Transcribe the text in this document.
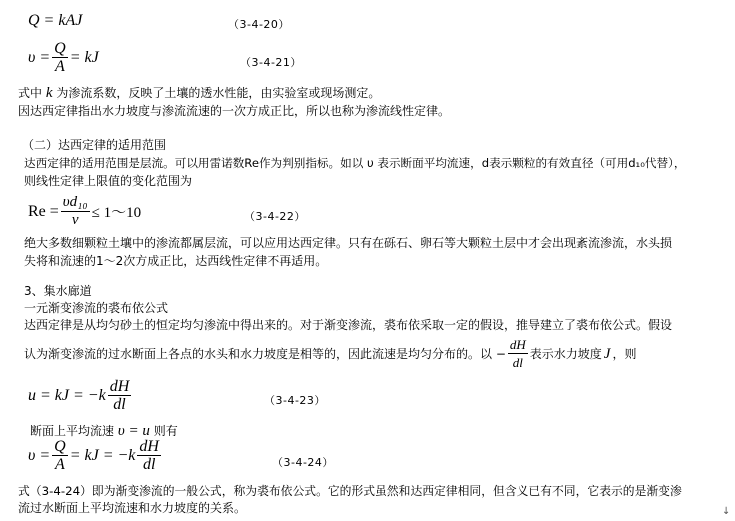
Q = kAJ	（3-4-20）
$\upsilon = \frac{Q}{A}$ = kJ	（3-4-21）
式中 k 为渗流系数，反映了土壤的透水性能，由实验室或现场测定。
因达西定律指出水力坡度与渗流流速的一次方成正比，所以也称为渗流线性定律。
（二）达西定律的适用范围
达西定律的适用范围是层流。可以用雷诺数Re作为判别指标。如以 υ 表示断面平均流速，d表示颗粒的有效直径（可用d₁₀代替），
则线性定律上限值的变化范围为
$Re = \frac{\text{υd₁₀}}{\nu}$ ≤ 1～10	（3-4-22）
绝大多数细颗粒土壤中的渗流都属层流，可以应用达西定律。只有在砾石、卵石等大颗粒土层中才会出现紊流渗流，水头损
失将和流速的1～2次方成正比，达西线性定律不再适用。
3、集水廊道
一元渐变渗流的裘布依公式
达西定律是从均匀砂土的恒定均匀渗流中得出来的。对于渐变渗流，裘布依采取一定的假设，推导建立了裘布依公式。假设
认为渐变渗流的过水断面上各点的水头和水力坡度是相等的，因此流速是均匀分布的。以 − $\frac{dH}{dl}$ 表示水力坡度 J ，则
u = kJ = $-k \frac{dH}{dl}$	（3-4-23）
断面上平均流速 υ = u 则有
$\upsilon = \frac{Q}{A}$ = kJ = $-k \frac{dH}{dl}$	（3-4-24）
式（3-4-24）即为渐变渗流的一般公式，称为裘布依公式。它的形式虽然和达西定律相同，但含义已有不同，它表示的是渐变渗
流过水断面上平均流速和水力坡度的关系。	↓
